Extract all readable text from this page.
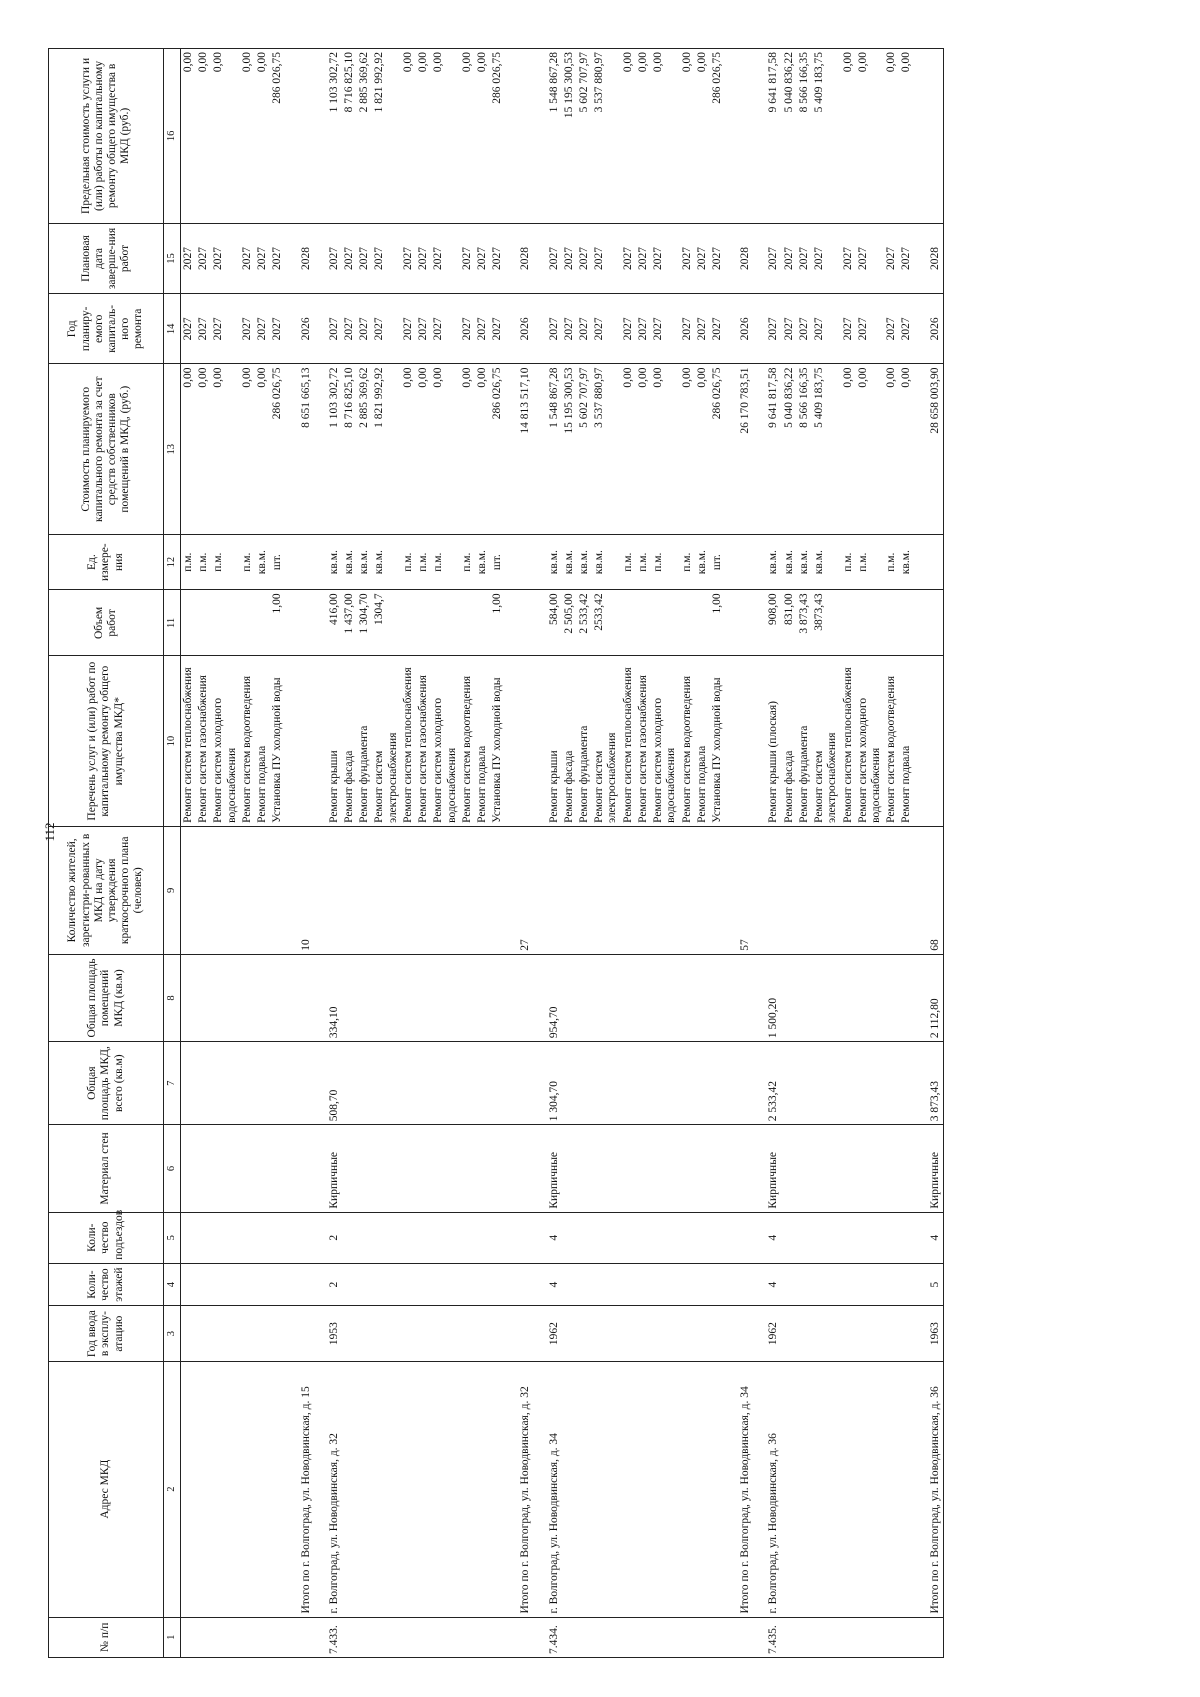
112
№ п/п	Адрес МКД	Год ввода в эксплу-атацию	Коли-чество этажей	Коли-чество подъездов	Материал стен	Общая площадь МКД, всего (кв.м)	Общая площадь помещений МКД (кв.м)	Количество жителей, зарегистри-рованных в МКД на дату утверждения краткосрочного плана (человек)	Перечень услуг и (или) работ по капитальному ремонту общего имущества МКД*	Объем работ	Ед. измере-ния	Стоимость планируемого капитального ремонта за счет средств собственников помещений в МКД, (руб.)	Год планиру-емого капиталь-ного ремонта	Плановая дата заверше-ния работ	Предельная стоимость услуги и (или) работы по капитальному ремонту общего имущества в МКД (руб.)
1	2	3	4	5	6	7	8	9	10	11	12	13	14	15	16
									Ремонт систем теплоснабжения		п.м.	0,00	2027	2027	0,00
									Ремонт систем газоснабжения		п.м.	0,00	2027	2027	0,00
									Ремонт систем холодного водоснабжения		п.м.	0,00	2027	2027	0,00
									Ремонт систем водоотведения		п.м.	0,00	2027	2027	0,00
									Ремонт подвала		кв.м.	0,00	2027	2027	0,00
									Установка ПУ холодной воды	1,00	шт.	286 026,75	2027	2027	286 026,75
	Итого по г. Волгоград, ул. Новодвинская, д. 15							10				8 651 665,13	2026	2028	
7.433.	г. Волгоград, ул. Новодвинская, д. 32	1953	2	2	Кирпичные	508,70	334,10		Ремонт крыши	416,00	кв.м.	1 103 302,72	2027	2027	1 103 302,72
									Ремонт фасада	1 437,00	кв.м.	8 716 825,10	2027	2027	8 716 825,10
									Ремонт фундамента	1 304,70	кв.м.	2 885 369,62	2027	2027	2 885 369,62
									Ремонт систем электроснабжения	1304,7	кв.м.	1 821 992,92	2027	2027	1 821 992,92
									Ремонт систем теплоснабжения		п.м.	0,00	2027	2027	0,00
									Ремонт систем газоснабжения		п.м.	0,00	2027	2027	0,00
									Ремонт систем холодного водоснабжения		п.м.	0,00	2027	2027	0,00
									Ремонт систем водоотведения		п.м.	0,00	2027	2027	0,00
									Ремонт подвала		кв.м.	0,00	2027	2027	0,00
									Установка ПУ холодной воды	1,00	шт.	286 026,75	2027	2027	286 026,75
	Итого по г. Волгоград, ул. Новодвинская, д. 32							27				14 813 517,10	2026	2028	
7.434.	г. Волгоград, ул. Новодвинская, д. 34	1962	4	4	Кирпичные	1 304,70	954,70		Ремонт крыши	584,00	кв.м.	1 548 867,28	2027	2027	1 548 867,28
									Ремонт фасада	2 505,00	кв.м.	15 195 300,53	2027	2027	15 195 300,53
									Ремонт фундамента	2 533,42	кв.м.	5 602 707,97	2027	2027	5 602 707,97
									Ремонт систем электроснабжения	2533,42	кв.м.	3 537 880,97	2027	2027	3 537 880,97
									Ремонт систем теплоснабжения		п.м.	0,00	2027	2027	0,00
									Ремонт систем газоснабжения		п.м.	0,00	2027	2027	0,00
									Ремонт систем холодного водоснабжения		п.м.	0,00	2027	2027	0,00
									Ремонт систем водоотведения		п.м.	0,00	2027	2027	0,00
									Ремонт подвала		кв.м.	0,00	2027	2027	0,00
									Установка ПУ холодной воды	1,00	шт.	286 026,75	2027	2027	286 026,75
	Итого по г. Волгоград, ул. Новодвинская, д. 34							57				26 170 783,51	2026	2028	
7.435.	г. Волгоград, ул. Новодвинская, д. 36	1962	4	4	Кирпичные	2 533,42	1 500,20		Ремонт крыши (плоская)	908,00	кв.м.	9 641 817,58	2027	2027	9 641 817,58
									Ремонт фасада	831,00	кв.м.	5 040 836,22	2027	2027	5 040 836,22
									Ремонт фундамента	3 873,43	кв.м.	8 566 166,35	2027	2027	8 566 166,35
									Ремонт систем электроснабжения	3873,43	кв.м.	5 409 183,75	2027	2027	5 409 183,75
									Ремонт систем теплоснабжения		п.м.	0,00	2027	2027	0,00
									Ремонт систем холодного водоснабжения		п.м.	0,00	2027	2027	0,00
									Ремонт систем водоотведения		п.м.	0,00	2027	2027	0,00
									Ремонт подвала		кв.м.	0,00	2027	2027	0,00
	Итого по г. Волгоград, ул. Новодвинская, д. 36	1963	5	4	Кирпичные	3 873,43	2 112,80	68				28 658 003,90	2026	2028	
